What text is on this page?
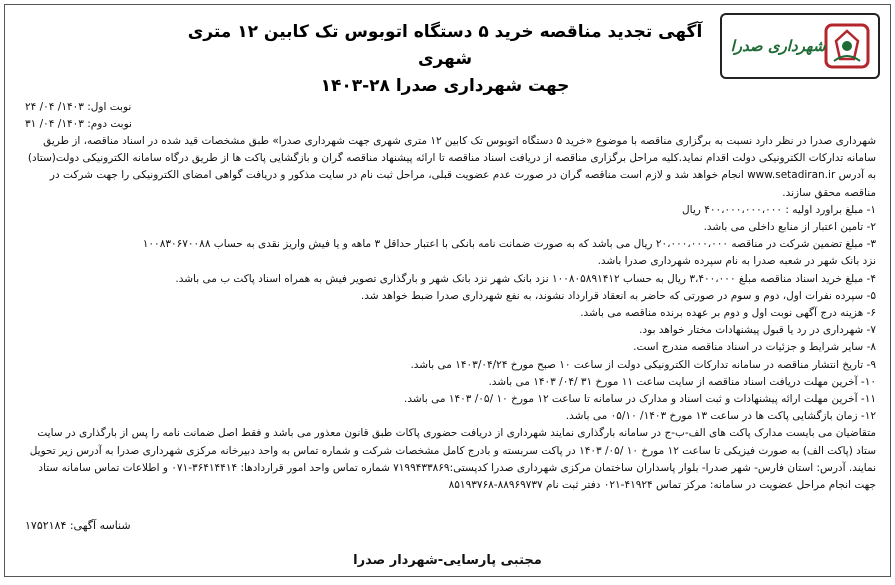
شهرداری صدرا
آگهی تجدید مناقصه خرید ۵ دستگاه اتوبوس تک کابین ۱۲ متری شهری
جهت شهرداری صدرا ۲۸-۱۴۰۳
نوبت اول: ۱۴۰۳/ ۰۴/ ۲۴
نوبت دوم: ۱۴۰۳/ ۰۴/ ۳۱

شهرداری صدرا در نظر دارد نسبت به برگزاری مناقصه با موضوع «خرید ۵ دستگاه اتوبوس تک کابین ۱۲ متری شهری جهت شهرداری صدرا» طبق مشخصات قید شده در اسناد مناقصه، از طریق سامانه تدارکات الکترونیکی دولت اقدام نماید.کلیه مراحل برگزاری مناقصه از دریافت اسناد مناقصه تا ارائه پیشنهاد مناقصه گران و بازگشایی پاکت ها از طریق درگاه سامانه الکترونیکی دولت(ستاد) به آدرس www.setadiran.ir انجام خواهد شد و لازم است مناقصه گران در صورت عدم عضویت قبلی، مراحل ثبت نام در سایت مذکور و دریافت گواهی امضای الکترونیکی را جهت شرکت در مناقصه محقق سازند.

۱- مبلغ براورد اولیه : ۴۰۰،۰۰۰،۰۰۰،۰۰۰ ریال
۲- تامین اعتبار از منابع داخلی می باشد.
۳- مبلغ تضمین شرکت در مناقصه ۲۰،۰۰۰،۰۰۰،۰۰۰ ریال می باشد که به صورت ضمانت نامه بانکی با اعتبار حداقل ۳ ماهه و یا فیش واریز نقدی به حساب ۱۰۰۸۳۰۶۷۰۰۸۸
نزد بانک شهر در شعبه صدرا به نام سپرده شهرداری صدرا باشد.
۴- مبلغ خرید اسناد مناقصه مبلغ ۳،۴۰۰،۰۰۰ ریال به حساب ۱۰۰۸۰۵۸۹۱۴۱۲ نزد بانک شهر نزد بانک شهر و بارگذاری تصویر فیش به همراه اسناد پاکت ب می باشد.
۵- سپرده نفرات اول، دوم و سوم در صورتی که حاضر به انعقاد قرارداد نشوند، به نفع شهرداری صدرا ضبط خواهد شد.
۶- هزینه درج آگهی نوبت اول و دوم بر عهده برنده مناقصه می باشد.
۷- شهرداری در رد یا قبول پیشنهادات مختار خواهد بود.
۸- سایر شرایط و جزئیات در اسناد مناقصه مندرج است.
۹- تاریخ انتشار مناقصه در سامانه تدارکات الکترونیکی دولت از ساعت ۱۰ صبح مورخ ۱۴۰۳/۰۴/۲۴ می باشد.
۱۰- آخرین مهلت دریافت اسناد مناقصه از سایت ساعت ۱۱ مورخ ۳۱ /۰۴/ ۱۴۰۳ می باشد.
۱۱- آخرین مهلت ارائه پیشنهادات و ثبت اسناد و مدارک در سامانه تا ساعت ۱۲ مورخ ۱۰ /۰۵/ ۱۴۰۳ می باشد.
۱۲- زمان بازگشایی پاکت ها در ساعت ۱۳ مورخ ۱۴۰۳/ ۰۵/۱۰ می باشد.

متقاضیان می بایست مدارک پاکت های الف-ب-ج در سامانه بارگذاری نمایند شهرداری از دریافت حضوری پاکات طبق قانون معذور می باشد و فقط اصل ضمانت نامه را پس از بارگذاری در سایت ستاد (پاکت الف) به صورت فیزیکی تا ساعت ۱۲ مورخ ۱۰ /۰۵/ ۱۴۰۳ در پاکت سربسته و بادرج کامل مشخصات شرکت و شماره تماس به واحد دبیرخانه مرکزی شهرداری صدرا به آدرس زیر تحویل نمایند. آدرس: استان فارس- شهر صدرا- بلوار پاسداران ساختمان مرکزی شهرداری صدرا کدپستی:۷۱۹۹۴۳۳۸۶۹ شماره تماس واحد امور قراردادها: ۳۶۴۱۴۴۱۴-۰۷۱ و اطلاعات تماس سامانه ستاد جهت انجام مراحل عضویت در سامانه: مرکز تماس ۴۱۹۲۴-۰۲۱ دفتر ثبت نام ۸۸۹۶۹۷۳۷-۸۵۱۹۳۷۶۸

شناسه آگهی: ۱۷۵۲۱۸۴
مجتبی پارسایی-شهردار صدرا
